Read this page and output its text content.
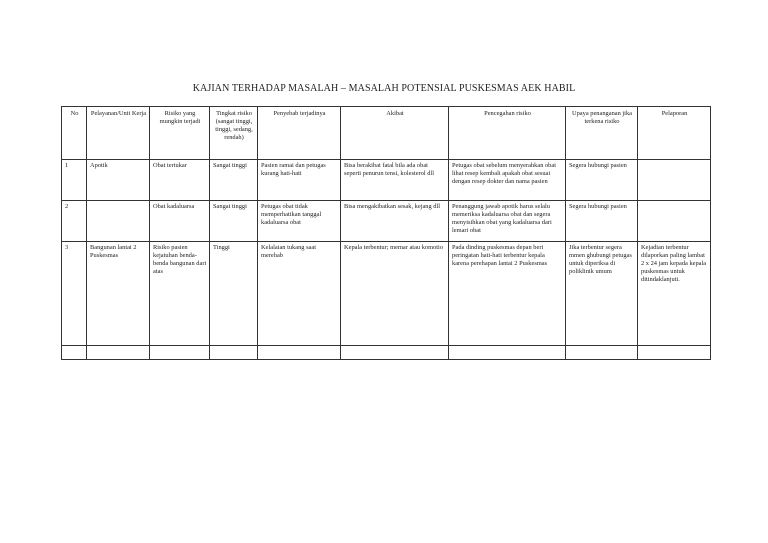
KAJIAN TERHADAP MASALAH – MASALAH POTENSIAL PUSKESMAS AEK HABIL
No	Pelayanan/Unit Kerja	Risiko yang mungkin terjadi	Tingkat risiko (sangat tinggi, tinggi, sedang, rendah)	Penyebab terjadinya	Akibat	Pencegahan risiko	Upaya penanganan jika terkena risiko	Pelaporan
1	Apotik	Obat tertukar	Sangat tinggi	Pasien ramai dan petugas kurang hati-hati	Bisa berakibat fatal bila ada obat seperti penurun tensi, kolesterol dll	Petugas obat sebelum menyerahkan obat lihat resep kembali apakah obat sesuai dengan resep dokter dan nama pasien	Segera hubungi pasien	
2		Obat kadaluarsa	Sangat tinggi	Petugas obat tidak memperhatikan tanggal kadaluarsa obat	Bisa mengakibatkan sesak, kejang dll	Penanggung jawab apotik harus selalu memeriksa kadaluarsa obat dan segera menyisihkan obat yang kadaluarsa dari lemari obat	Segera hubungi pasien	
3	Bangunan lantai 2 Puskesmas	Risiko pasien kejatuhan benda-benda bangunan dari atas	Tinggi	Kelalaian tukang saat merehab	Kepala terbentur; memar atau komotio	Pada dinding puskesmas depan beri peringatan hati-hati terbentur kepala karena perehapan lantai 2 Puskesmas	Jika terbentur segera mmen ghubungi petugas untuk diperiksa di poliklinik umum	Kejadian terbentur dilaporkan paling lambat 2 x 24 jam kepada kepala puskesmas untuk ditindaklanjuti.
